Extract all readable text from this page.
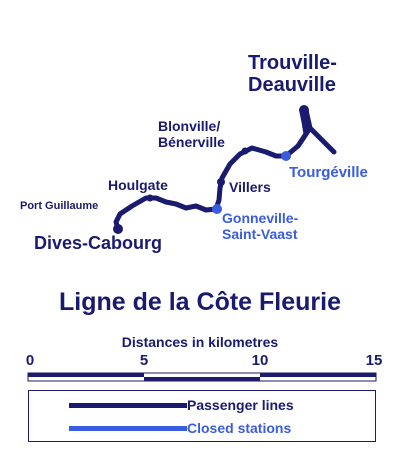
Trouville-
Deauville
Blonville/
Bénerville
Tourgéville
Villers
Houlgate
Port Guillaume
Gonneville-
Saint-Vaast
Dives-Cabourg
Ligne de la Côte Fleurie
Distances in kilometres
0	5	10	15
Passenger lines
Closed stations
